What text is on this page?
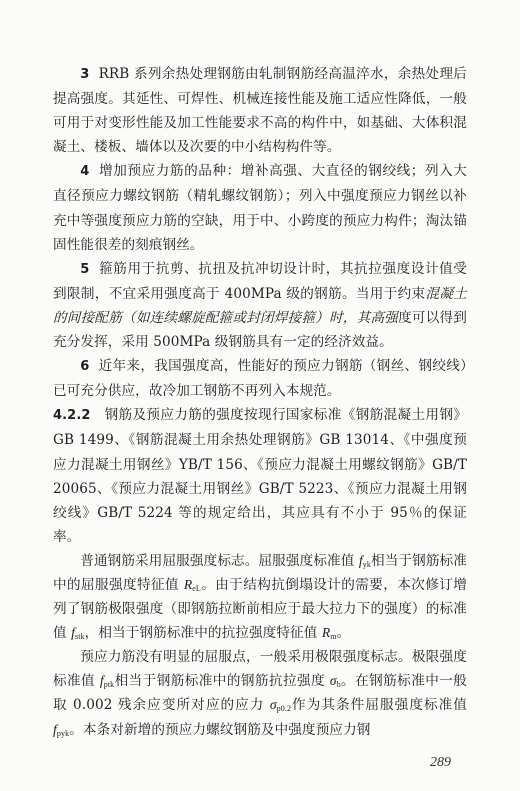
3 RRB 系列余热处理钢筋由轧制钢筋经高温淬水，余热处理后提高强度。其延性、可焊性、机械连接性能及施工适应性降低，一般可用于对变形性能及加工性能要求不高的构件中，如基础、大体积混凝土、楼板、墙体以及次要的中小结构构件等。

4 增加预应力筋的品种：增补高强、大直径的钢绞线；列入大直径预应力螺纹钢筋（精轧螺纹钢筋）；列入中强度预应力钢丝以补充中等强度预应力筋的空缺，用于中、小跨度的预应力构件；淘汰锚固性能很差的刻痕钢丝。

5 箍筋用于抗剪、抗扭及抗冲切设计时，其抗拉强度设计值受到限制，不宜采用强度高于 400MPa 级的钢筋。当用于约束混凝土的间接配筋（如连续螺旋配箍或封闭焊接箍）时，其高强度可以得到充分发挥，采用 500MPa 级钢筋具有一定的经济效益。

6 近年来，我国强度高，性能好的预应力钢筋（钢丝、钢绞线）已可充分供应，故冷加工钢筋不再列入本规范。

4.2.2 钢筋及预应力筋的强度按现行国家标准《钢筋混凝土用钢》GB 1499、《钢筋混凝土用余热处理钢筋》GB 13014、《中强度预应力混凝土用钢丝》YB/T 156、《预应力混凝土用螺纹钢筋》GB/T 20065、《预应力混凝土用钢丝》GB/T 5223、《预应力混凝土用钢绞线》GB/T 5224 等的规定给出，其应具有不小于 95％的保证率。

普通钢筋采用屈服强度标志。屈服强度标准值 $f_{yk}$相当于钢筋标准中的屈服强度特征值 $R_{eL}$。由于结构抗倒塌设计的需要，本次修订增列了钢筋极限强度（即钢筋拉断前相应于最大拉力下的强度）的标准值 $f_{stk}$，相当于钢筋标准中的抗拉强度特征值 $R_m$。

预应力筋没有明显的屈服点，一般采用极限强度标志。极限强度标准值 $f_{ptk}$相当于钢筋标准中的钢筋抗拉强度 $\sigma_b$。在钢筋标准中一般取 0.002 残余应变所对应的应力 $\sigma_{p0.2}$作为其条件屈服强度标准值 $f_{pyk}$。本条对新增的预应力螺纹钢筋及中强度预应力钢

289
